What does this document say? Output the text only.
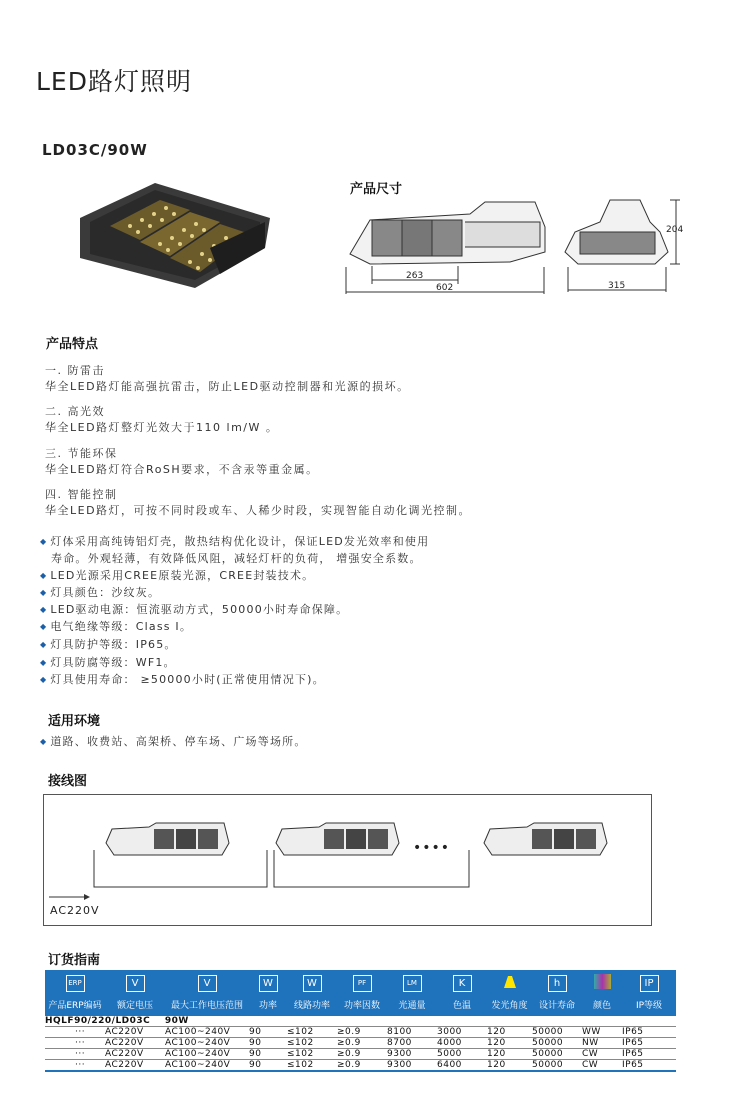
LED路灯照明
LD03C/90W
产品尺寸
263
602	315
204
产品特点
一. 防雷击
华全LED路灯能高强抗雷击，防止LED驱动控制器和光源的损坏。
二. 高光效
华全LED路灯整灯光效大于110 lm/W 。
三. 节能环保
华全LED路灯符合RoSH要求，不含汞等重金属。
四. 智能控制
华全LED路灯，可按不同时段或车、人稀少时段，实现智能自动化调光控制。
◆ 灯体采用高纯铸铝灯壳，散热结构优化设计，保证LED发光效率和使用
寿命。外观轻薄，有效降低风阻，减轻灯杆的负荷， 增强安全系数。
◆ LED光源采用CREE原装光源，CREE封装技术。
◆ 灯具颜色：沙纹灰。
◆ LED驱动电源：恒流驱动方式，50000小时寿命保障。
◆ 电气绝缘等级：Class Ⅰ。
◆ 灯具防护等级：IP65。
◆ 灯具防腐等级：WF1。
◆ 灯具使用寿命： ≥50000小时(正常使用情况下)。
适用环境
◆ 道路、收费站、高架桥、停车场、广场等场所。
接线图
••••
AC220V
订货指南
ERP	V	V	W	W	PF	LM	K		h		IP
产品ERP编码	额定电压	最大工作电压范围	功率	线路功率	功率因数	光通量	色温	发光角度	设计寿命	颜色	IP等级
HQLF90/220/LD03C    90W											
···	AC220V	AC100~240V	90	≤102	≥0.9	8100	3000	120	50000	WW	IP65
···	AC220V	AC100~240V	90	≤102	≥0.9	8700	4000	120	50000	NW	IP65
···	AC220V	AC100~240V	90	≤102	≥0.9	9300	5000	120	50000	CW	IP65
···	AC220V	AC100~240V	90	≤102	≥0.9	9300	6400	120	50000	CW	IP65
